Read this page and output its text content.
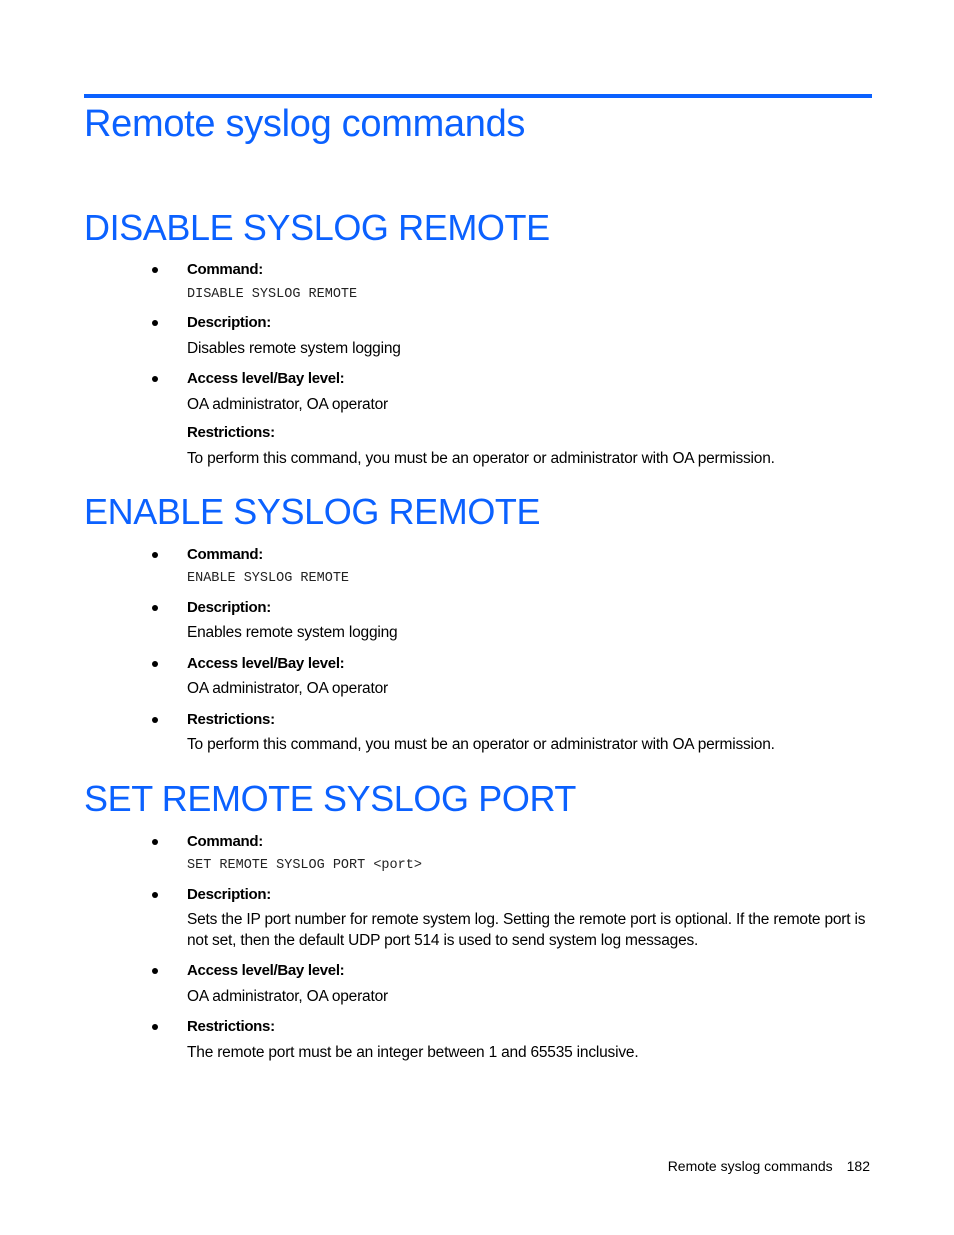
Remote syslog commands
DISABLE SYSLOG REMOTE
Command:
DISABLE SYSLOG REMOTE
Description:
Disables remote system logging
Access level/Bay level:
OA administrator, OA operator
Restrictions:
To perform this command, you must be an operator or administrator with OA permission.
ENABLE SYSLOG REMOTE
Command:
ENABLE SYSLOG REMOTE
Description:
Enables remote system logging
Access level/Bay level:
OA administrator, OA operator
Restrictions:
To perform this command, you must be an operator or administrator with OA permission.
SET REMOTE SYSLOG PORT
Command:
SET REMOTE SYSLOG PORT <port>
Description:
Sets the IP port number for remote system log. Setting the remote port is optional. If the remote port is not set, then the default UDP port 514 is used to send system log messages.
Access level/Bay level:
OA administrator, OA operator
Restrictions:
The remote port must be an integer between 1 and 65535 inclusive.
Remote syslog commands 182
